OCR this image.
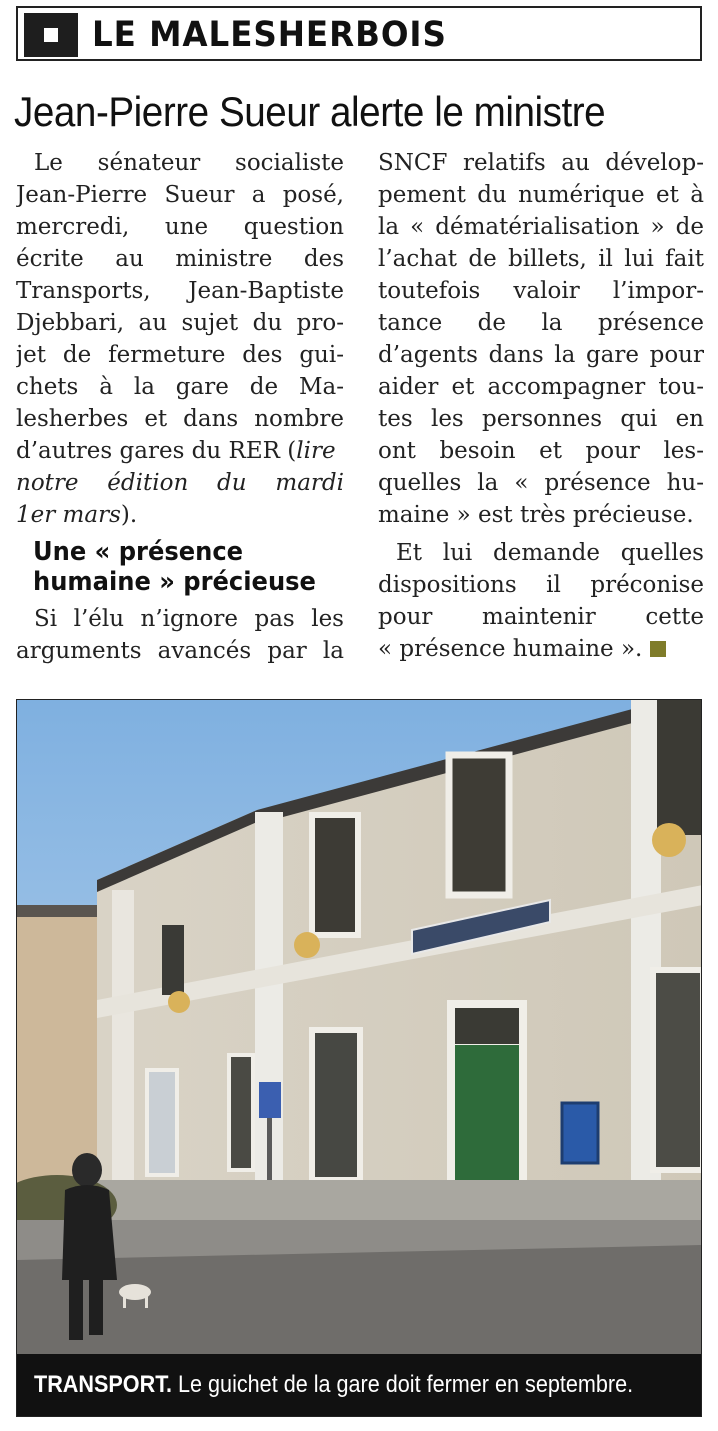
LE MALESHERBOIS
Jean-Pierre Sueur alerte le ministre
Le sénateur socialiste
Jean-Pierre Sueur a posé,
mercredi, une question
écrite au ministre des
Transports, Jean-Baptiste
Djebbari, au sujet du pro-
jet de fermeture des gui-
chets à la gare de Ma-
lesherbes et dans nombre
d’autres gares du RER (lire
notre édition du mardi
1er mars).
Une « présence
humaine » précieuse
Si l’élu n’ignore pas les
arguments avancés par la
SNCF relatifs au dévelop-
pement du numérique et à
la « dématérialisation » de
l’achat de billets, il lui fait
toutefois valoir l’impor-
tance de la présence
d’agents dans la gare pour
aider et accompagner tou-
tes les personnes qui en
ont besoin et pour les-
quelles la « présence hu-
maine » est très précieuse.
Et lui demande quelles
dispositions il préconise
pour maintenir cette
« présence humaine ».
TRANSPORT. Le guichet de la gare doit fermer en septembre.
